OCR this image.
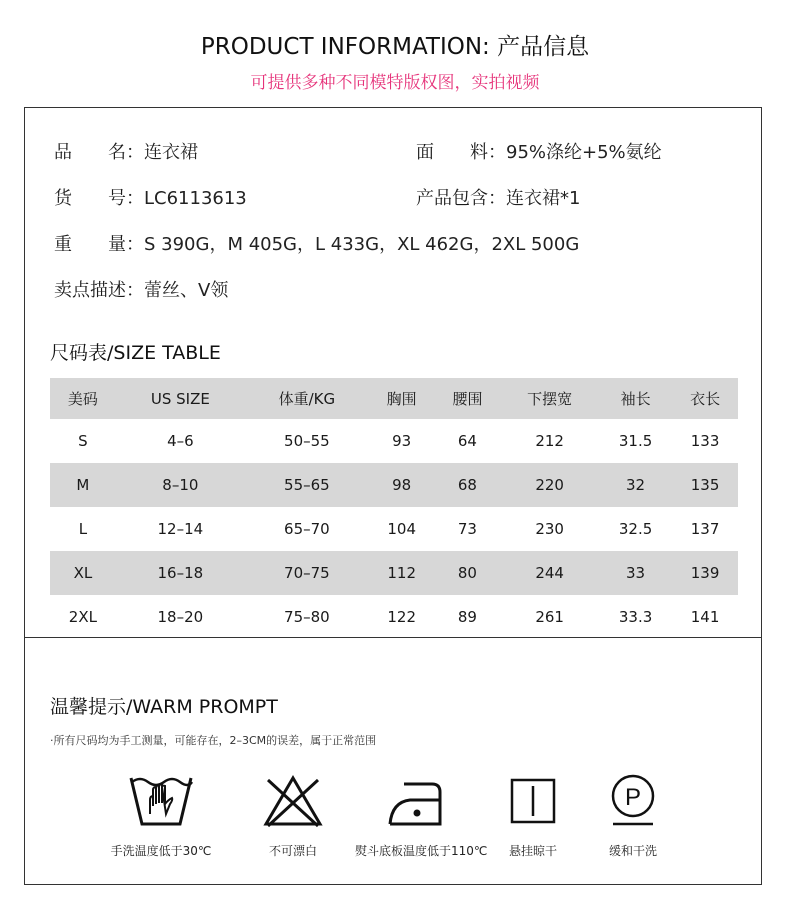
PRODUCT INFORMATION: 产品信息
可提供多种不同模特版权图，实拍视频
品　　名：连衣裙	面　　料：95%涤纶+5%氨纶
货　　号：LC6113613	产品包含：连衣裙*1
重　　量：S 390G，M 405G，L 433G，XL 462G，2XL 500G
卖点描述：蕾丝、V领
尺码表/SIZE TABLE
美码	US SIZE	体重/KG	胸围	腰围	下摆宽	袖长	衣长
S	4–6	50–55	93	64	212	31.5	133
M	8–10	55–65	98	68	220	32	135
L	12–14	65–70	104	73	230	32.5	137
XL	16–18	70–75	112	80	244	33	139
2XL	18–20	75–80	122	89	261	33.3	141
温馨提示/WARM PROMPT
·所有尺码均为手工测量，可能存在，2–3CM的误差，属于正常范围
手洗温度低于30℃	不可漂白	熨斗底板温度低于110℃	悬挂晾干
P
缓和干洗
